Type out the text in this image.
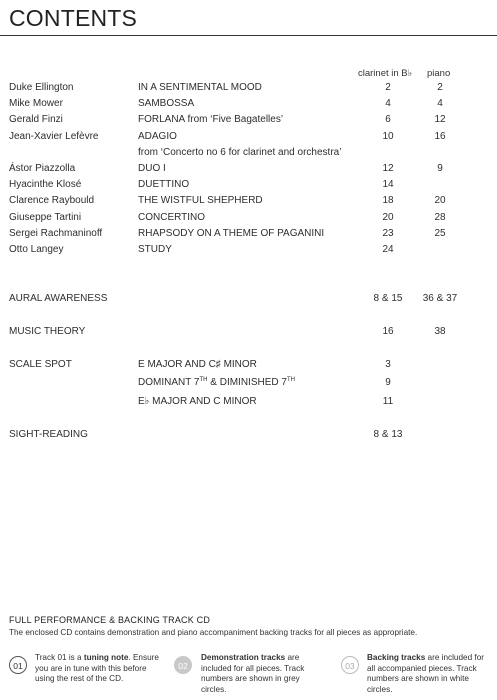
CONTENTS
clarinet in B♭ piano
Duke Ellington	IN A SENTIMENTAL MOOD	2	2
Mike Mower	SAMBOSSA	4	4
Gerald Finzi	FORLANA from ‘Five Bagatelles’	6	12
Jean-Xavier Lefèvre	ADAGIO	10	16
from ‘Concerto no 6 for clarinet and orchestra’
Ástor Piazzolla	DUO I	12	9
Hyacinthe Klosé	DUETTINO	14
Clarence Raybould	THE WISTFUL SHEPHERD	18	20
Giuseppe Tartini	CONCERTINO	20	28
Sergei Rachmaninoff	RHAPSODY ON A THEME OF PAGANINI	23	25
Otto Langey	STUDY	24
AURAL AWARENESS	8 & 15	36 & 37
MUSIC THEORY	16	38
SCALE SPOT	E MAJOR AND C♯ MINOR	3
DOMINANT 7TH & DIMINISHED 7TH	9
E♭ MAJOR AND C MINOR	11
SIGHT-READING	8 & 13
FULL PERFORMANCE & BACKING TRACK CD
The enclosed CD contains demonstration and piano accompaniment backing tracks for all pieces as appropriate.
01
Track 01 is a tuning note. Ensure you are in tune with this before using the rest of the CD.
02
Demonstration tracks are included for all pieces. Track numbers are shown in grey circles.
03
Backing tracks are included for all accompanied pieces. Track numbers are shown in white circles.
